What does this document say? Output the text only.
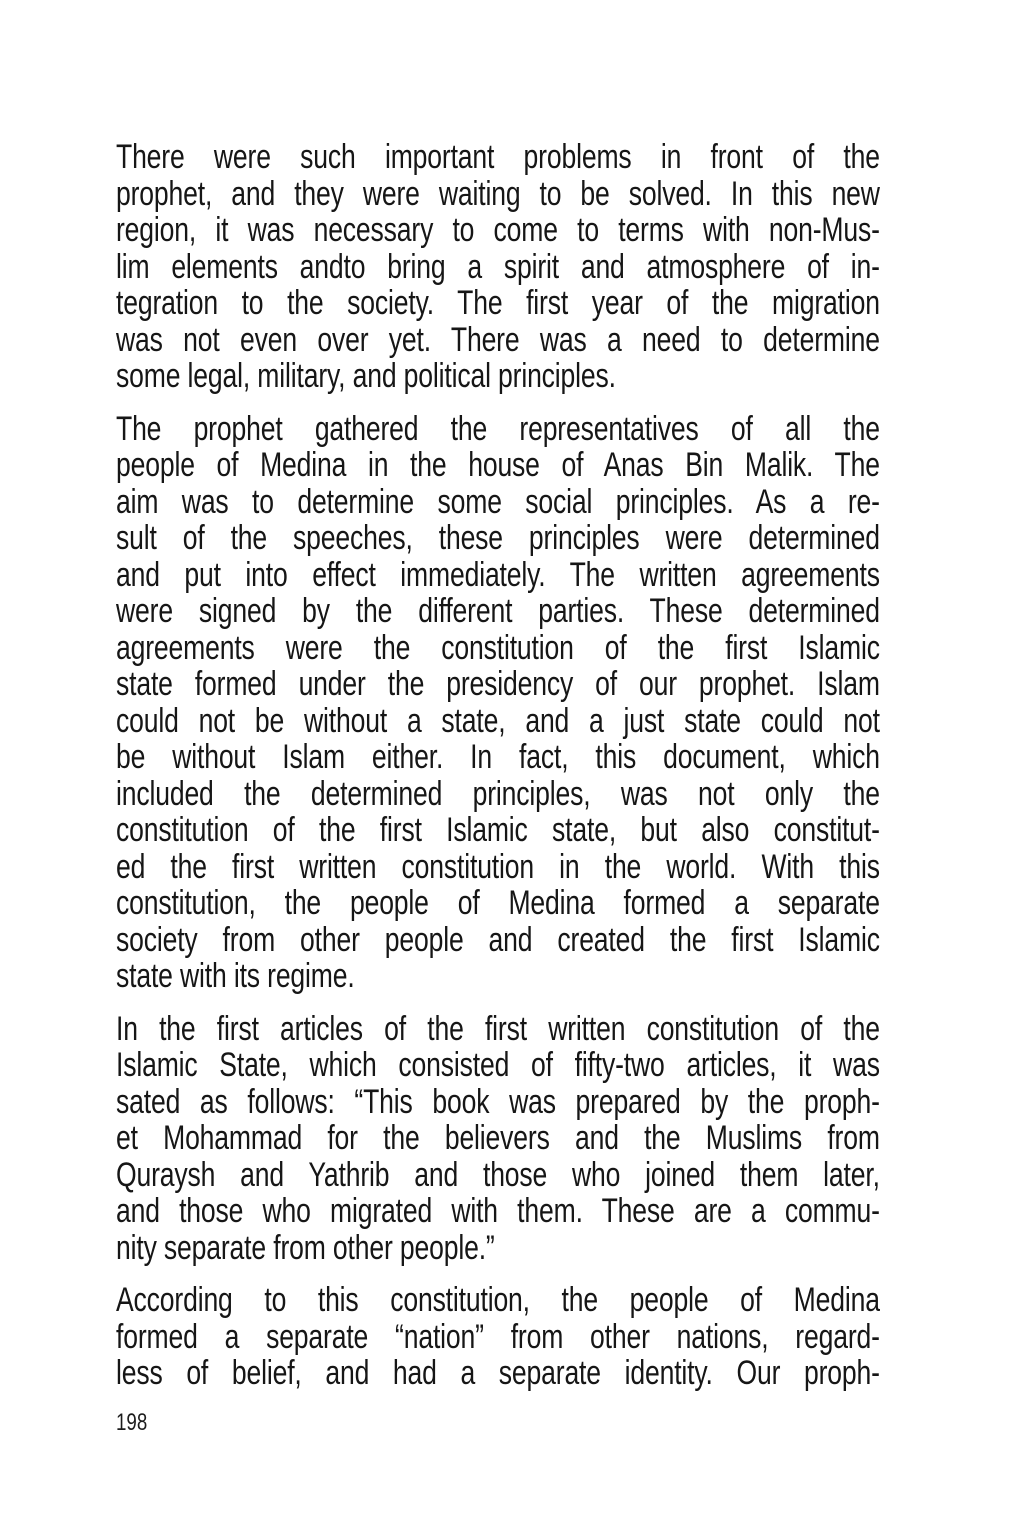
There were such important problems in front of the
prophet, and they were waiting to be solved. In this new
region, it was necessary to come to terms with non-Mus-
lim elements andto bring a spirit and atmosphere of in-
tegration to the society. The first year of the migration
was not even over yet. There was a need to determine
some legal, military, and political principles.
The prophet gathered the representatives of all the
people of Medina in the house of Anas Bin Malik. The
aim was to determine some social principles. As a re-
sult of the speeches, these principles were determined
and put into effect immediately. The written agreements
were signed by the different parties. These determined
agreements were the constitution of the first Islamic
state formed under the presidency of our prophet. Islam
could not be without a state, and a just state could not
be without Islam either. In fact, this document, which
included the determined principles, was not only the
constitution of the first Islamic state, but also constitut-
ed the first written constitution in the world. With this
constitution, the people of Medina formed a separate
society from other people and created the first Islamic
state with its regime.
In the first articles of the first written constitution of the
Islamic State, which consisted of fifty-two articles, it was
sated as follows: “This book was prepared by the proph-
et Mohammad for the believers and the Muslims from
Quraysh and Yathrib and those who joined them later,
and those who migrated with them. These are a commu-
nity separate from other people.”
According to this constitution, the people of Medina
formed a separate “nation” from other nations, regard-
less of belief, and had a separate identity. Our proph-
198
